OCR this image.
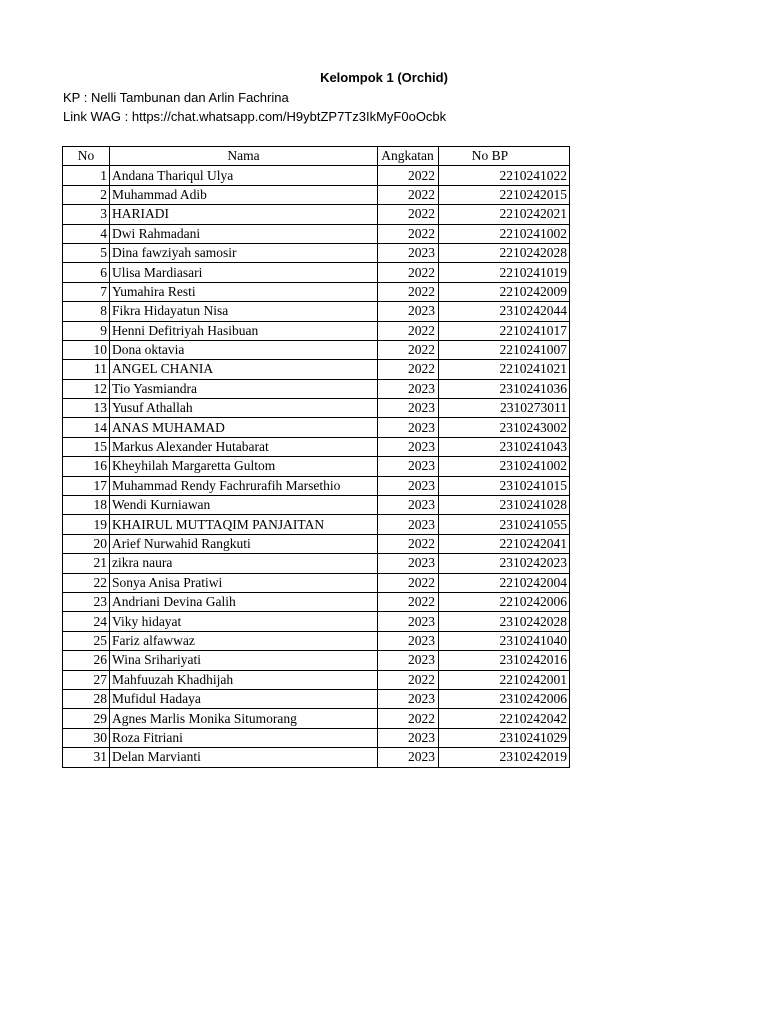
Kelompok 1 (Orchid)
KP : Nelli Tambunan dan Arlin Fachrina
Link WAG : https://chat.whatsapp.com/H9ybtZP7Tz3IkMyF0oOcbk
No	Nama	Angkatan	No BP
1	Andana Thariqul Ulya	2022	2210241022
2	Muhammad Adib	2022	2210242015
3	HARIADI	2022	2210242021
4	Dwi Rahmadani	2022	2210241002
5	Dina fawziyah samosir	2023	2210242028
6	Ulisa Mardiasari	2022	2210241019
7	Yumahira Resti	2022	2210242009
8	Fikra Hidayatun Nisa	2023	2310242044
9	Henni Defitriyah Hasibuan	2022	2210241017
10	Dona oktavia	2022	2210241007
11	ANGEL CHANIA	2022	2210241021
12	Tio Yasmiandra	2023	2310241036
13	Yusuf Athallah	2023	2310273011
14	ANAS MUHAMAD	2023	2310243002
15	Markus Alexander Hutabarat	2023	2310241043
16	Kheyhilah Margaretta Gultom	2023	2310241002
17	Muhammad Rendy Fachrurafih Marsethio	2023	2310241015
18	Wendi Kurniawan	2023	2310241028
19	KHAIRUL MUTTAQIM PANJAITAN	2023	2310241055
20	Arief Nurwahid Rangkuti	2022	2210242041
21	zikra naura	2023	2310242023
22	Sonya Anisa Pratiwi	2022	2210242004
23	Andriani Devina Galih	2022	2210242006
24	Viky hidayat	2023	2310242028
25	Fariz alfawwaz	2023	2310241040
26	Wina Srihariyati	2023	2310242016
27	Mahfuuzah Khadhijah	2022	2210242001
28	Mufidul Hadaya	2023	2310242006
29	Agnes Marlis Monika Situmorang	2022	2210242042
30	Roza Fitriani	2023	2310241029
31	Delan Marvianti	2023	2310242019
